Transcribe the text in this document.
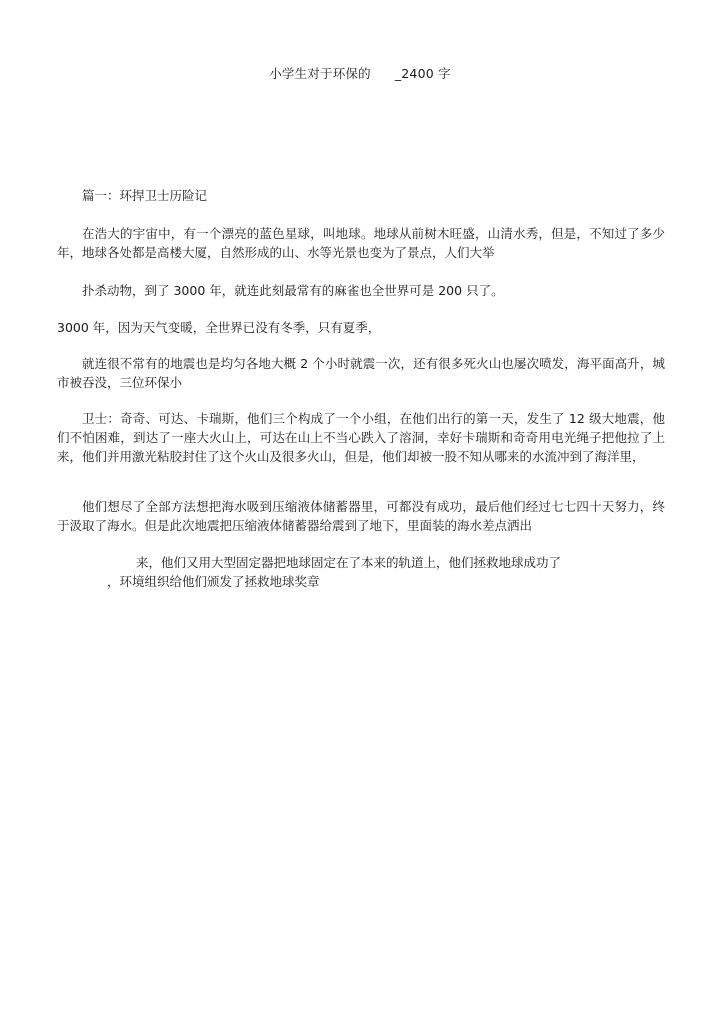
小学生对于环保的 _2400 字

篇一：环捍卫士历险记

在浩大的宇宙中，有一个漂亮的蓝色星球，叫地球。地球从前树木旺盛，山清水秀，但是，不知过了多少年，地球各处都是高楼大厦，自然形成的山、水等光景也变为了景点，人们大举

扑杀动物，到了 3000 年，就连此刻最常有的麻雀也全世界可是 200 只了。

3000 年，因为天气变暖，全世界已没有冬季，只有夏季，

就连很不常有的地震也是均匀各地大概 2 个小时就震一次，还有很多死火山也屡次喷发，海平面高升，城市被吞没，三位环保小

卫士：奇奇、可达、卡瑞斯，他们三个构成了一个小组，在他们出行的第一天，发生了 12 级大地震，他们不怕困难，到达了一座大火山上，可达在山上不当心跌入了溶洞，幸好卡瑞斯和奇奇用电光绳子把他拉了上来，他们并用激光粘胶封住了这个火山及很多火山，但是，他们却被一股不知从哪来的水流冲到了海洋里，

他们想尽了全部方法想把海水吸到压缩液体储蓄器里，可都没有成功，最后他们经过七七四十天努力，终于汲取了海水。但是此次地震把压缩液体储蓄器给震到了地下，里面装的海水差点洒出

来，他们又用大型固定器把地球固定在了本来的轨道上，他们拯救地球成功了
，环境组织给他们颁发了拯救地球奖章
